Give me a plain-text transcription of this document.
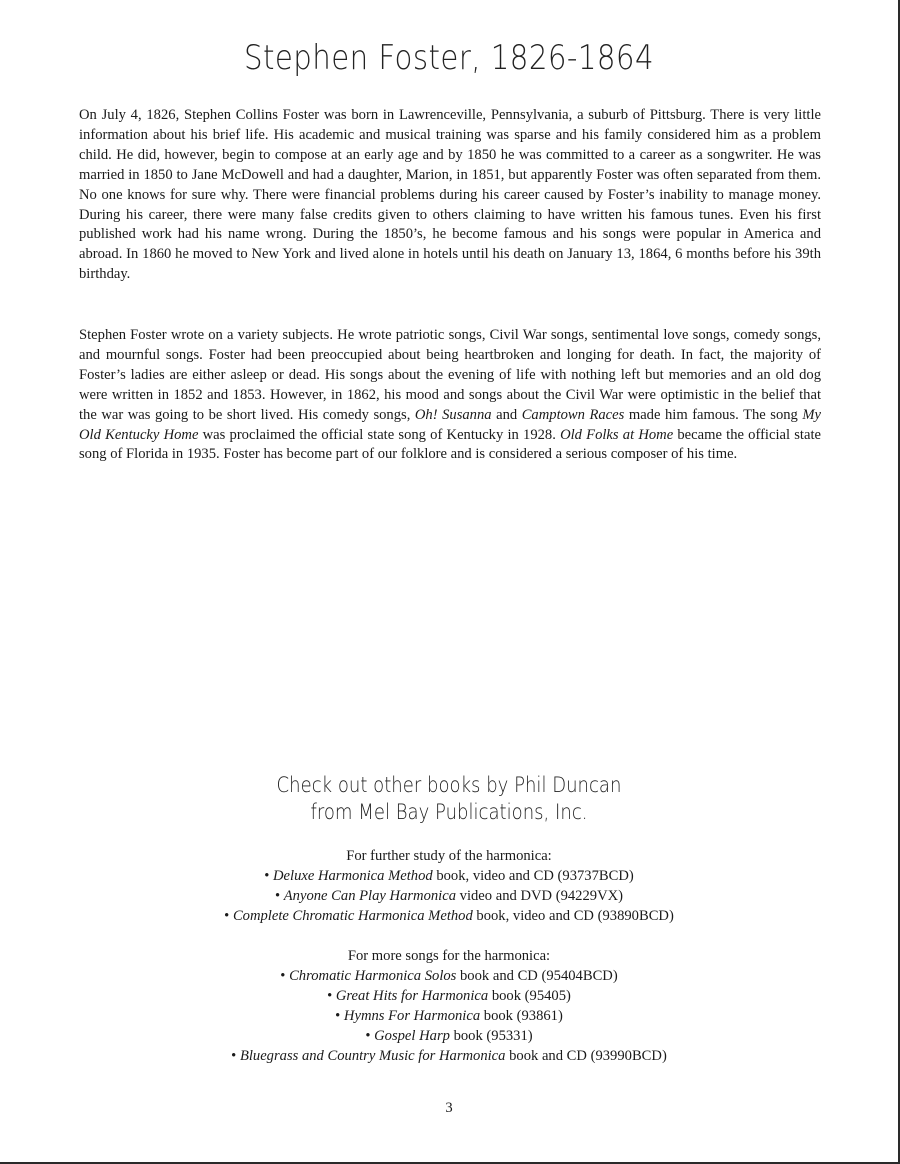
Stephen Foster, 1826-1864

On July 4, 1826, Stephen Collins Foster was born in Lawrenceville, Pennsylvania, a suburb of Pittsburg. There is very little information about his brief life. His academic and musical training was sparse and his family considered him as a problem child. He did, however, begin to compose at an early age and by 1850 he was committed to a career as a songwriter. He was married in 1850 to Jane McDowell and had a daughter, Marion, in 1851, but apparently Foster was often separated from them. No one knows for sure why. There were financial problems during his career caused by Foster’s inability to manage money. During his career, there were many false credits given to others claiming to have written his famous tunes. Even his first published work had his name wrong. During the 1850’s, he become famous and his songs were popular in America and abroad. In 1860 he moved to New York and lived alone in hotels until his death on January 13, 1864, 6 months before his 39th birthday.

Stephen Foster wrote on a variety subjects. He wrote patriotic songs, Civil War songs, sentimental love songs, comedy songs, and mournful songs. Foster had been preoccupied about being heartbroken and longing for death. In fact, the majority of Foster’s ladies are either asleep or dead. His songs about the evening of life with nothing left but memories and an old dog were written in 1852 and 1853. However, in 1862, his mood and songs about the Civil War were optimistic in the belief that the war was going to be short lived. His comedy songs, Oh! Susanna and Camptown Races made him famous. The song My Old Kentucky Home was proclaimed the official state song of Kentucky in 1928. Old Folks at Home became the official state song of Florida in 1935. Foster has become part of our folklore and is considered a serious composer of his time.

Check out other books by Phil Duncan
from Mel Bay Publications, Inc.
For further study of the harmonica:
• Deluxe Harmonica Method book, video and CD (93737BCD)
• Anyone Can Play Harmonica video and DVD (94229VX)
• Complete Chromatic Harmonica Method book, video and CD (93890BCD)
For more songs for the harmonica:
• Chromatic Harmonica Solos book and CD (95404BCD)
• Great Hits for Harmonica book (95405)
• Hymns For Harmonica book (93861)
• Gospel Harp book (95331)
• Bluegrass and Country Music for Harmonica book and CD (93990BCD)
3
